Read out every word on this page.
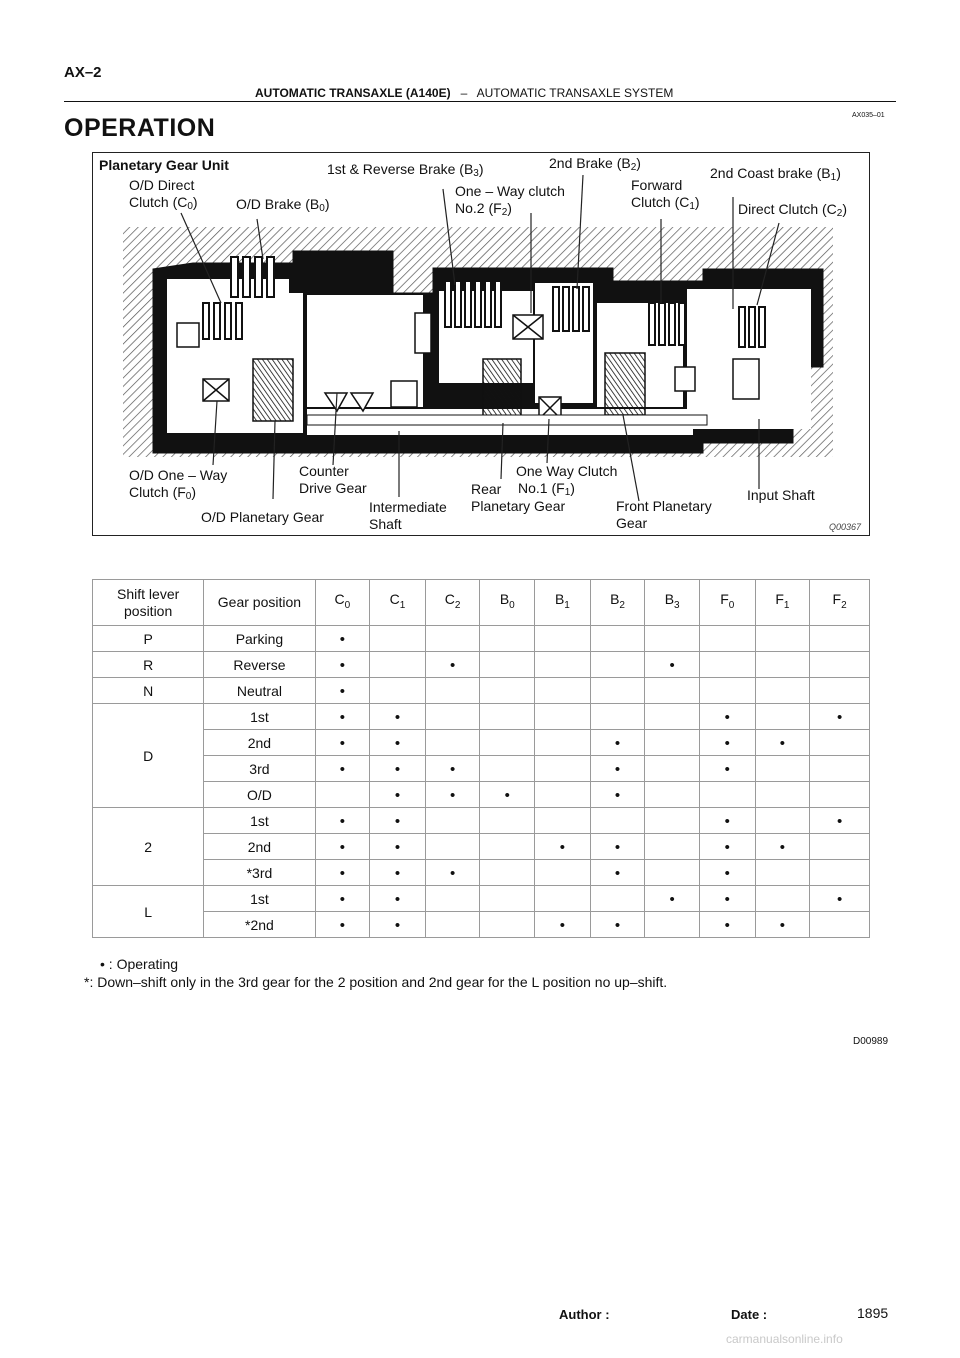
AX–2
AUTOMATIC TRANSAXLE (A140E) – AUTOMATIC TRANSAXLE SYSTEM
AX035–01
OPERATION
Planetary Gear Unit
O/D Direct
Clutch $(C_0)$	O/D Brake $(B_0)$
1st & Reverse Brake $(B_3)$
One – Way clutch
No.2 $(F_2)$
2nd Brake $(B_2)$
Forward
Clutch $(C_1)$
2nd Coast brake $(B_1)$
Direct Clutch $(C_2)$
O/D One – Way
Clutch $(F_0)$
Counter
Drive Gear
O/D Planetary Gear
Intermediate
Shaft
Rear
Planetary Gear
One Way Clutch
No.1 $(F_1)$
Front Planetary
Gear
Input Shaft
Q00367
Shift lever
position	Gear position	$C_0$	$C_1$	$C_2$	$B_0$	$B_1$	$B_2$	$B_3$	$F_0$	$F_1$	$F_2$
P	Parking	•									
R	Reverse	•		•				•			
N	Neutral	•									
D	1st	•	•						•		•
	2nd	•	•				•		•	•	
	3rd	•	•	•			•		•		
	O/D		•	•	•		•				
2	1st	•	•						•		•
	2nd	•	•			•	•		•	•	
	*3rd	•	•	•			•		•		
L	1st	•	•					•	•		•
	*2nd	•	•			•	•		•	•	
• : Operating
*: Down–shift only in the 3rd gear for the 2 position and 2nd gear for the L position no up–shift.
D00989
Author :	Date :	1895
carmanualsonline.info
